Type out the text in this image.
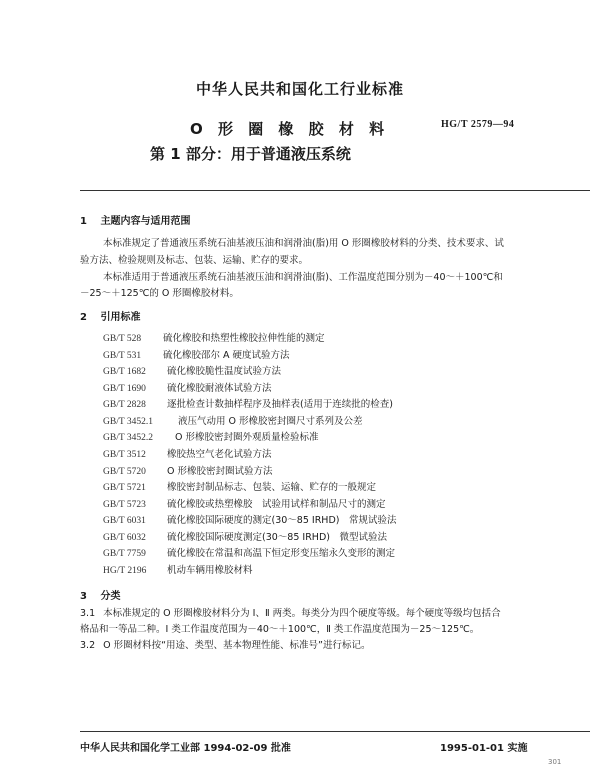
中华人民共和国化工行业标准
O 形 圈 橡 胶 材 料	HG/T 2579—94
第 1 部分：用于普通液压系统
1 主题内容与适用范围
本标准规定了普通液压系统石油基液压油和润滑油(脂)用 O 形圈橡胶材料的分类、技术要求、试
验方法、检验规则及标志、包装、运输、贮存的要求。
本标准适用于普通液压系统石油基液压油和润滑油(脂)、工作温度范围分别为－40～＋100℃和
－25～＋125℃的 O 形圈橡胶材料。
2 引用标准
GB/T 528 硫化橡胶和热塑性橡胶拉伸性能的测定
GB/T 531 硫化橡胶邵尔 A 硬度试验方法
GB/T 1682 硫化橡胶脆性温度试验方法
GB/T 1690 硫化橡胶耐液体试验方法
GB/T 2828 逐批检查计数抽样程序及抽样表(适用于连续批的检查)
GB/T 3452.1	液压气动用 O 形橡胶密封圈尺寸系列及公差
GB/T 3452.2 O 形橡胶密封圈外观质量检验标准
GB/T 3512 橡胶热空气老化试验方法
GB/T 5720 O 形橡胶密封圈试验方法
GB/T 5721 橡胶密封制品标志、包装、运输、贮存的一般规定
GB/T 5723 硫化橡胶或热塑橡胶　试验用试样和制品尺寸的测定
GB/T 6031 硫化橡胶国际硬度的测定(30～85 IRHD)　常规试验法
GB/T 6032 硫化橡胶国际硬度测定(30～85 IRHD)　微型试验法
GB/T 7759 硫化橡胶在常温和高温下恒定形变压缩永久变形的测定
HG/T 2196 机动车辆用橡胶材料
3 分类
3.1 本标准规定的 O 形圈橡胶材料分为 Ⅰ、Ⅱ 两类。每类分为四个硬度等级。每个硬度等级均包括合
格品和一等品二种。Ⅰ 类工作温度范围为－40～＋100℃，Ⅱ 类工作温度范围为－25～125℃。
3.2 O 形圈材料按“用途、类型、基本物理性能、标准号”进行标记。
中华人民共和国化学工业部 1994-02-09 批准	1995-01-01 实施
301
